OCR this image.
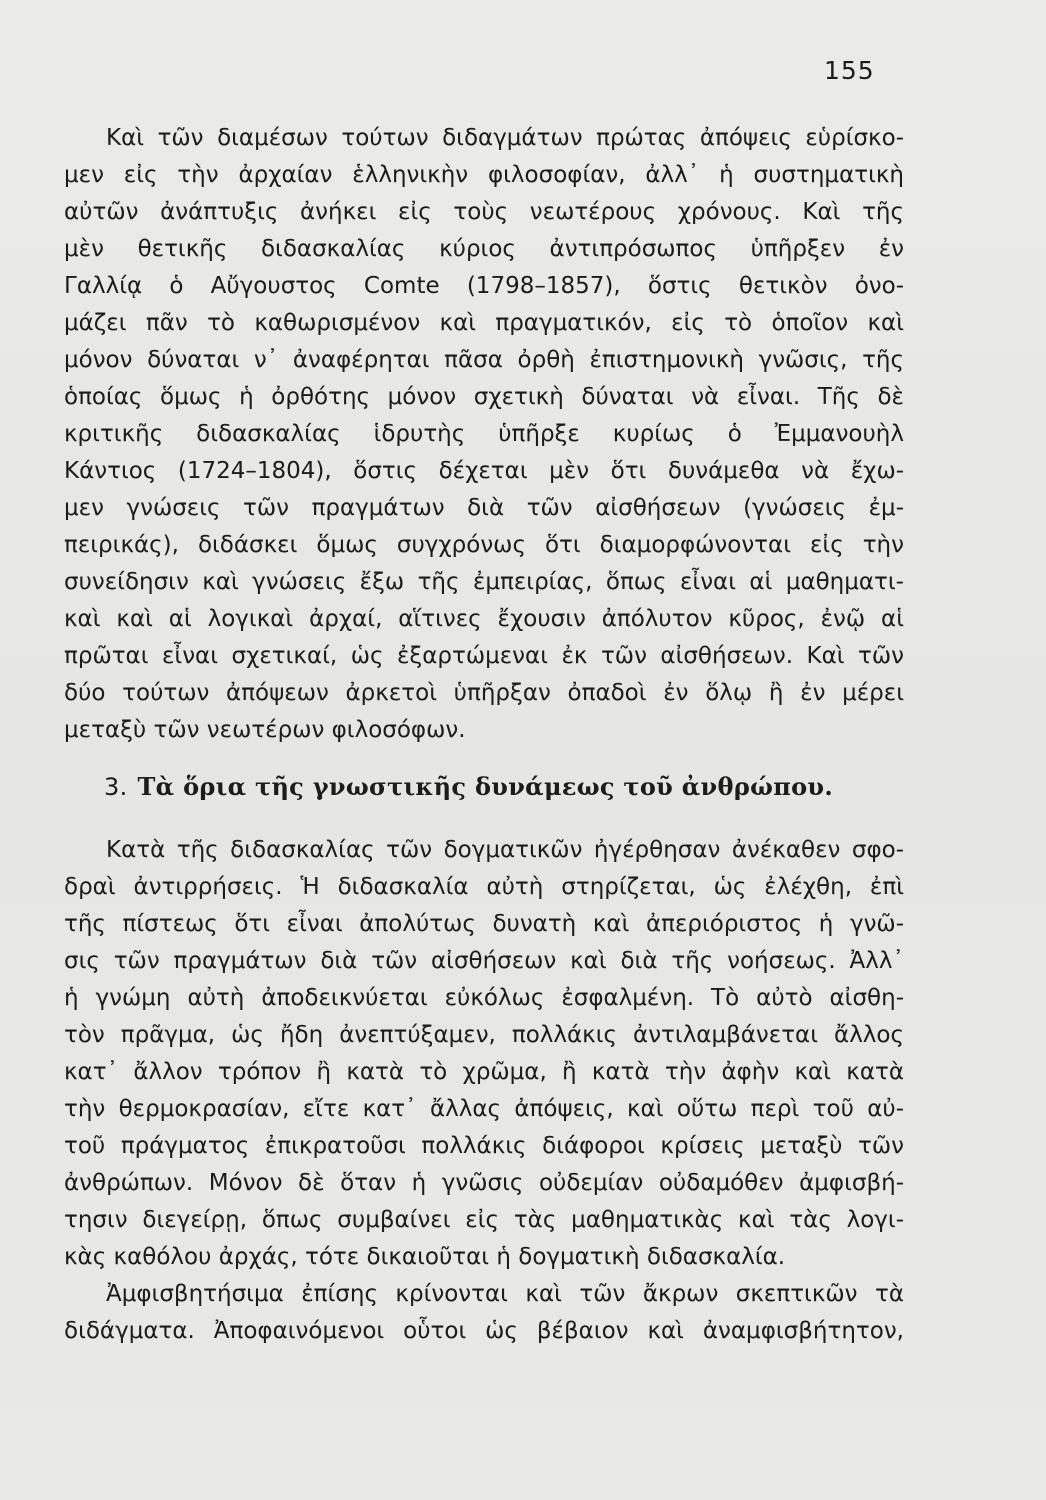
155
Καὶ τῶν διαμέσων τούτων διδαγμάτων πρώτας ἀπόψεις εὑρίσκο-
μεν εἰς τὴν ἀρχαίαν ἑλληνικὴν φιλοσοφίαν, ἀλλ᾽ ἡ συστηματικὴ
αὐτῶν ἀνάπτυξις ἀνήκει εἰς τοὺς νεωτέρους χρόνους. Καὶ τῆς
μὲν θετικῆς διδασκαλίας κύριος ἀντιπρόσωπος ὑπῆρξεν ἐν
Γαλλίᾳ ὁ Αὔγουστος Comte (1798–1857), ὅστις θετικὸν ὀνο-
μάζει πᾶν τὸ καθωρισμένον καὶ πραγματικόν, εἰς τὸ ὁποῖον καὶ
μόνον δύναται ν᾽ ἀναφέρηται πᾶσα ὀρθὴ ἐπιστημονικὴ γνῶσις, τῆς
ὁποίας ὅμως ἡ ὀρθότης μόνον σχετικὴ δύναται νὰ εἶναι. Τῆς δὲ
κριτικῆς διδασκαλίας ἱδρυτὴς ὑπῆρξε κυρίως ὁ Ἐμμανουὴλ
Κάντιος (1724–1804), ὅστις δέχεται μὲν ὅτι δυνάμεθα νὰ ἔχω-
μεν γνώσεις τῶν πραγμάτων διὰ τῶν αἰσθήσεων (γνώσεις ἐμ-
πειρικάς), διδάσκει ὅμως συγχρόνως ὅτι διαμορφώνονται εἰς τὴν
συνείδησιν καὶ γνώσεις ἔξω τῆς ἐμπειρίας, ὅπως εἶναι αἱ μαθηματι-
καὶ καὶ αἱ λογικαὶ ἀρχαί, αἵτινες ἔχουσιν ἀπόλυτον κῦρος, ἐνῷ αἱ
πρῶται εἶναι σχετικαί, ὡς ἐξαρτώμεναι ἐκ τῶν αἰσθήσεων. Καὶ τῶν
δύο τούτων ἀπόψεων ἀρκετοὶ ὑπῆρξαν ὀπαδοὶ ἐν ὅλῳ ἢ ἐν μέρει
μεταξὺ τῶν νεωτέρων φιλοσόφων.
3. Τὰ ὅρια τῆς γνωστικῆς δυνάμεως τοῦ ἀνθρώπου.
Κατὰ τῆς διδασκαλίας τῶν δογματικῶν ἠγέρθησαν ἀνέκαθεν σφο-
δραὶ ἀντιρρήσεις. Ἡ διδασκαλία αὐτὴ στηρίζεται, ὡς ἐλέχθη, ἐπὶ
τῆς πίστεως ὅτι εἶναι ἀπολύτως δυνατὴ καὶ ἀπεριόριστος ἡ γνῶ-
σις τῶν πραγμάτων διὰ τῶν αἰσθήσεων καὶ διὰ τῆς νοήσεως. Ἀλλ᾽
ἡ γνώμη αὐτὴ ἀποδεικνύεται εὐκόλως ἐσφαλμένη. Τὸ αὐτὸ αἰσθη-
τὸν πρᾶγμα, ὡς ἤδη ἀνεπτύξαμεν, πολλάκις ἀντιλαμβάνεται ἄλλος
κατ᾽ ἄλλον τρόπον ἢ κατὰ τὸ χρῶμα, ἢ κατὰ τὴν ἀφὴν καὶ κατὰ
τὴν θερμοκρασίαν, εἴτε κατ᾽ ἄλλας ἀπόψεις, καὶ οὕτω περὶ τοῦ αὐ-
τοῦ πράγματος ἐπικρατοῦσι πολλάκις διάφοροι κρίσεις μεταξὺ τῶν
ἀνθρώπων. Μόνον δὲ ὅταν ἡ γνῶσις οὐδεμίαν οὐδαμόθεν ἀμφισβή-
τησιν διεγείρῃ, ὅπως συμβαίνει εἰς τὰς μαθηματικὰς καὶ τὰς λογι-
κὰς καθόλου ἀρχάς, τότε δικαιοῦται ἡ δογματικὴ διδασκαλία.
Ἀμφισβητήσιμα ἐπίσης κρίνονται καὶ τῶν ἄκρων σκεπτικῶν τὰ
διδάγματα. Ἀποφαινόμενοι οὗτοι ὡς βέβαιον καὶ ἀναμφισβήτητον,
